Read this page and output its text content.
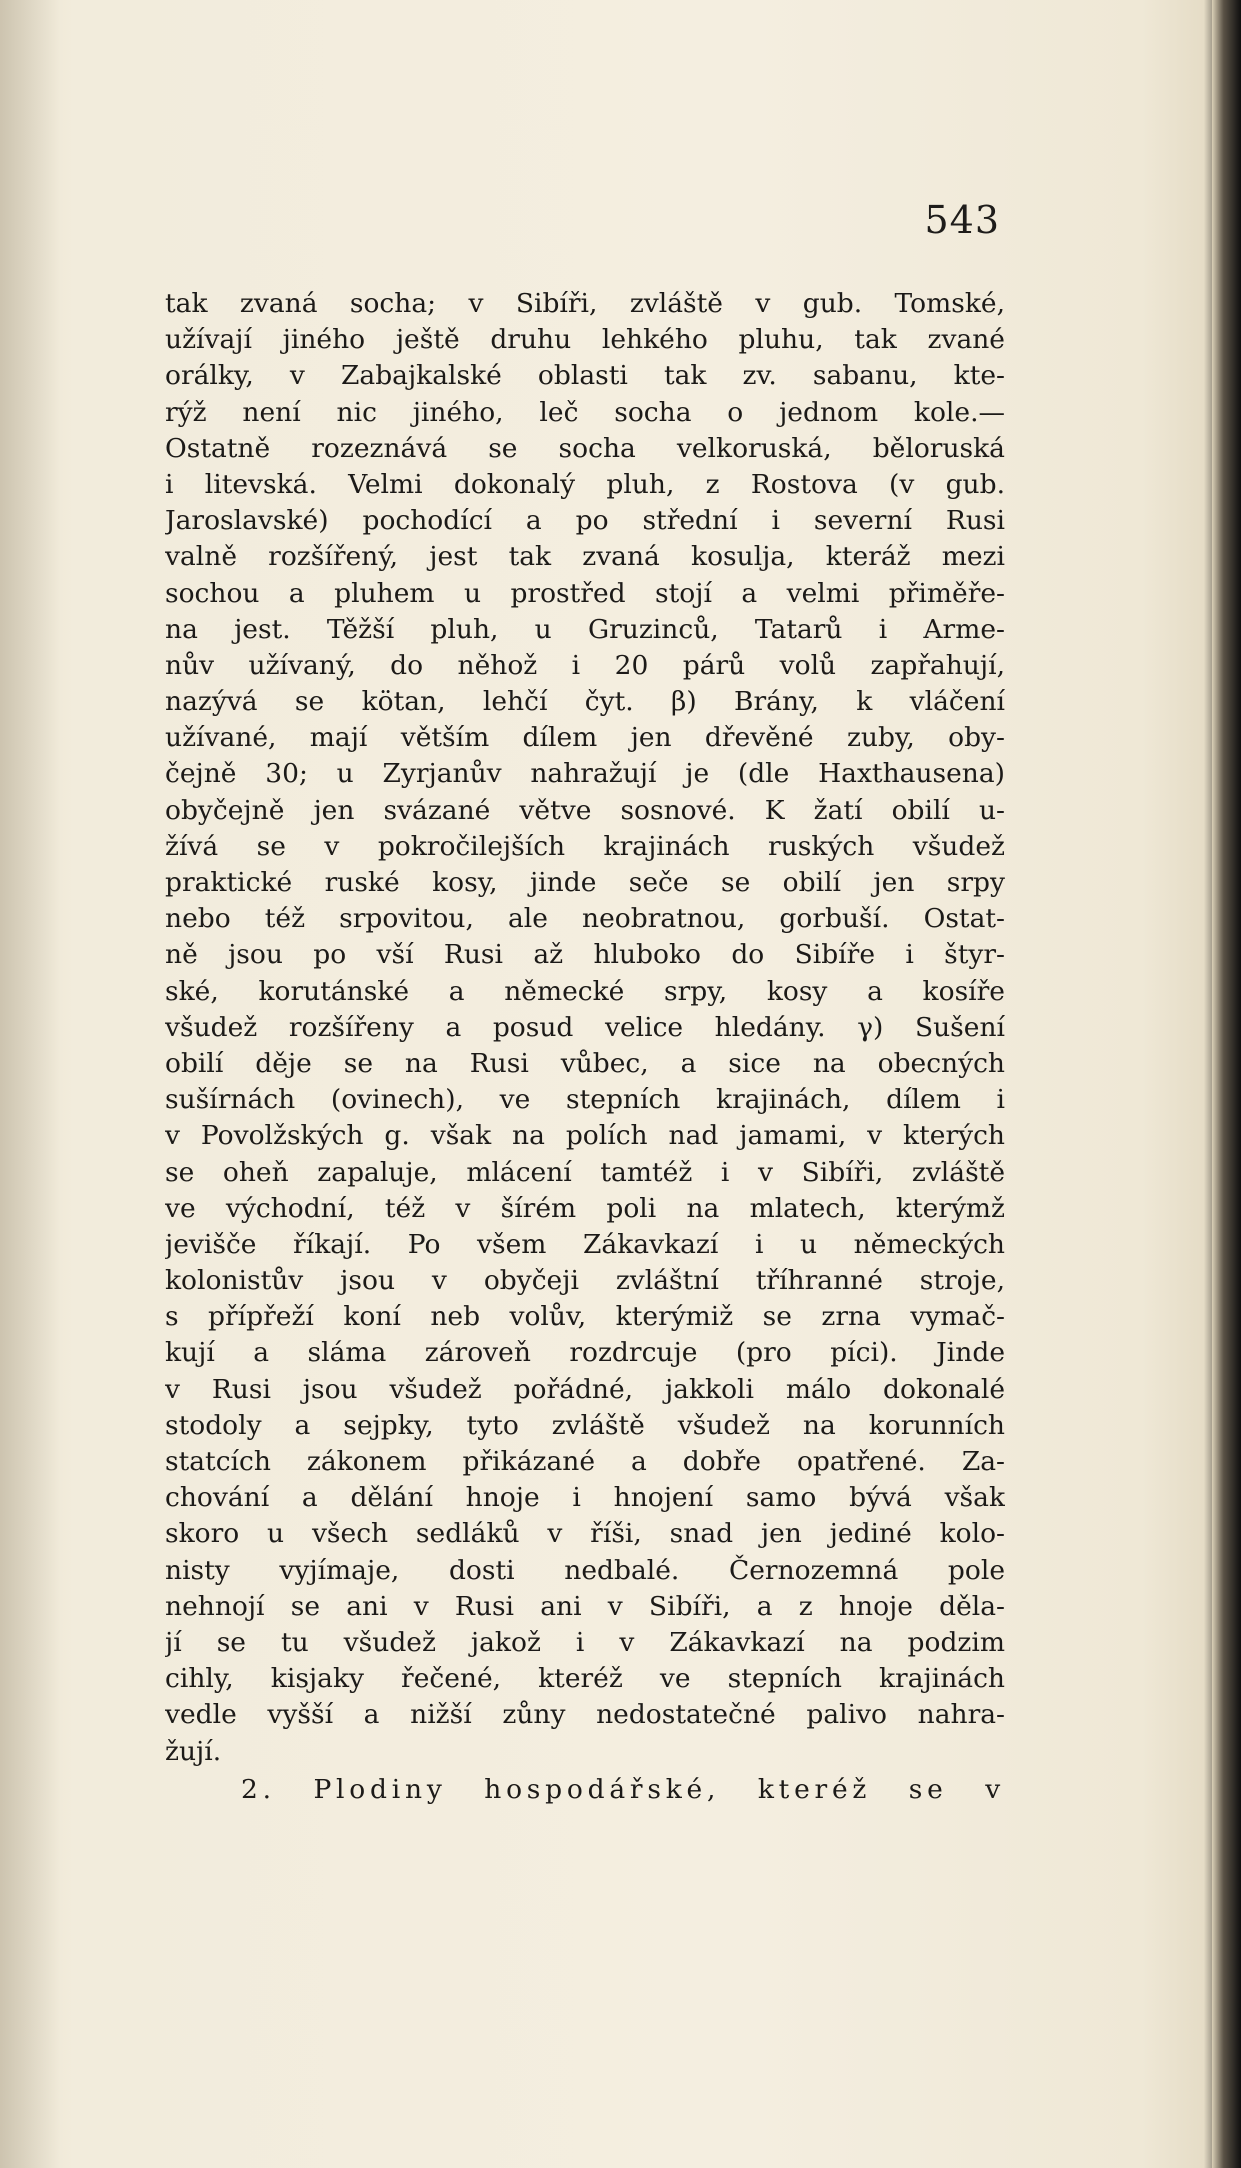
543
tak zvaná socha; v Sibíři, zvláště v gub. Tomské,
užívají jiného ještě druhu lehkého pluhu, tak zvané
orálky, v Zabajkalské oblasti tak zv. sabanu, kte-
rýž není nic jiného, leč socha o jednom kole.—
Ostatně rozeznává se socha velkoruská, běloruská
i litevská. Velmi dokonalý pluh, z Rostova (v gub.
Jaroslavské) pochodící a po střední i severní Rusi
valně rozšířený, jest tak zvaná kosulja, kteráž mezi
sochou a pluhem u prostřed stojí a velmi přiměře-
na jest. Těžší pluh, u Gruzinců, Tatarů i Arme-
nův užívaný, do něhož i 20 párů volů zapřahují,
nazývá se kötan, lehčí čyt. β) Brány, k vláčení
užívané, mají větším dílem jen dřevěné zuby, oby-
čejně 30; u Zyrjanův nahražují je (dle Haxthausena)
obyčejně jen svázané větve sosnové. K žatí obilí u-
žívá se v pokročilejších krajinách ruských všudež
praktické ruské kosy, jinde seče se obilí jen srpy
nebo též srpovitou, ale neobratnou, gorbuší. Ostat-
ně jsou po vší Rusi až hluboko do Sibíře i štyr-
ské, korutánské a německé srpy, kosy a kosíře
všudež rozšířeny a posud velice hledány. γ) Sušení
obilí děje se na Rusi vůbec, a sice na obecných
sušírnách (ovinech), ve stepních krajinách, dílem i
v Povolžských g. však na polích nad jamami, v kterých
se oheň zapaluje, mlácení tamtéž i v Sibíři, zvláště
ve východní, též v šírém poli na mlatech, kterýmž
jevišče říkají. Po všem Zákavkazí i u německých
kolonistův jsou v obyčeji zvláštní tříhranné stroje,
s přípřeží koní neb volův, kterýmiž se zrna vymač-
kují a sláma zároveň rozdrcuje (pro píci). Jinde
v Rusi jsou všudež pořádné, jakkoli málo dokonalé
stodoly a sejpky, tyto zvláště všudež na korunních
statcích zákonem přikázané a dobře opatřené. Za-
chování a dělání hnoje i hnojení samo bývá však
skoro u všech sedláků v říši, snad jen jediné kolo-
nisty vyjímaje, dosti nedbalé. Černozemná pole
nehnojí se ani v Rusi ani v Sibíři, a z hnoje děla-
jí se tu všudež jakož i v Zákavkazí na podzim
cihly, kisjaky řečené, kteréž ve stepních krajinách
vedle vyšší a nižší zůny nedostatečné palivo nahra-
žují.
2. Plodiny hospodářské, kteréž se v
